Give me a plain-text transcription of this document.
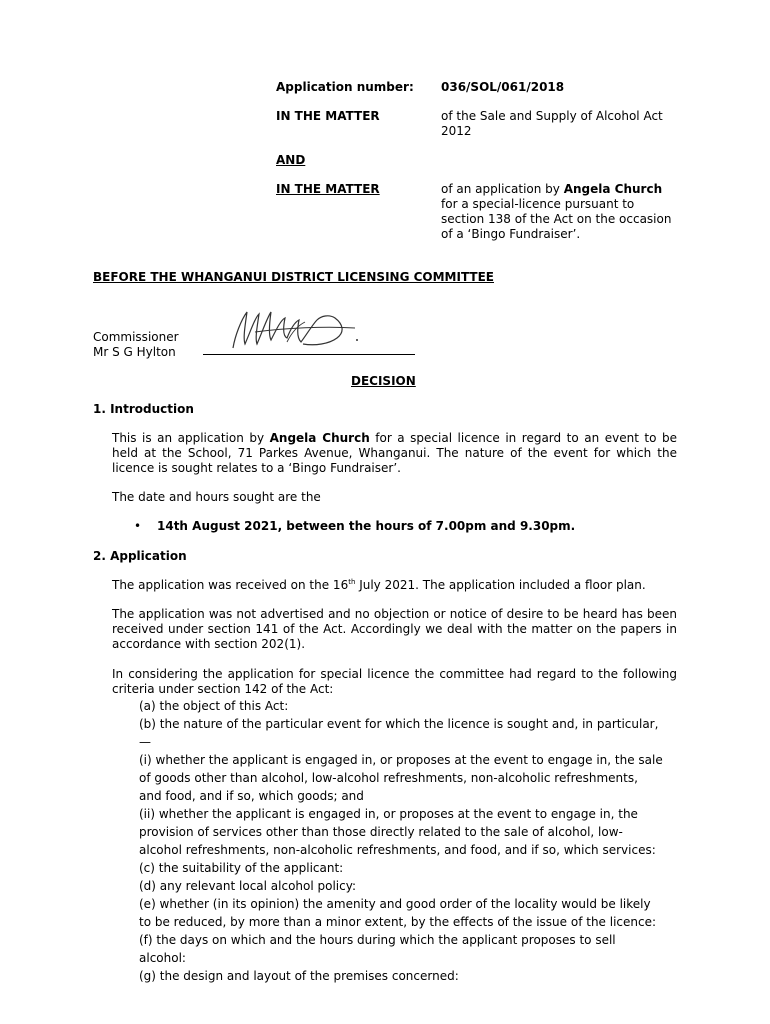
Application number: 036/SOL/061/2018
IN THE MATTER	of the Sale and Supply of Alcohol Act 2012
AND
IN THE MATTER	of an application by Angela Church for a special-licence pursuant to section 138 of the Act on the occasion of a ‘Bingo Fundraiser’.
BEFORE THE WHANGANUI DISTRICT LICENSING COMMITTEE
Commissioner
Mr S G Hylton
DECISION
1. Introduction

This is an application by Angela Church for a special licence in regard to an event to be held at the School, 71 Parkes Avenue, Whanganui. The nature of the event for which the licence is sought relates to a ‘Bingo Fundraiser’.

The date and hours sought are the

• 14th August 2021, between the hours of 7.00pm and 9.30pm.
2. Application

The application was received on the 16th July 2021. The application included a floor plan.

The application was not advertised and no objection or notice of desire to be heard has been received under section 141 of the Act. Accordingly we deal with the matter on the papers in accordance with section 202(1).

In considering the application for special licence the committee had regard to the following criteria under section 142 of the Act:

(a) the object of this Act:
(b) the nature of the particular event for which the licence is sought and, in particular,—
(i) whether the applicant is engaged in, or proposes at the event to engage in, the sale of goods other than alcohol, low-alcohol refreshments, non-alcoholic refreshments, and food, and if so, which goods; and
(ii) whether the applicant is engaged in, or proposes at the event to engage in, the provision of services other than those directly related to the sale of alcohol, low-alcohol refreshments, non-alcoholic refreshments, and food, and if so, which services:
(c) the suitability of the applicant:
(d) any relevant local alcohol policy:
(e) whether (in its opinion) the amenity and good order of the locality would be likely to be reduced, by more than a minor extent, by the effects of the issue of the licence:
(f) the days on which and the hours during which the applicant proposes to sell alcohol:
(g) the design and layout of the premises concerned:
